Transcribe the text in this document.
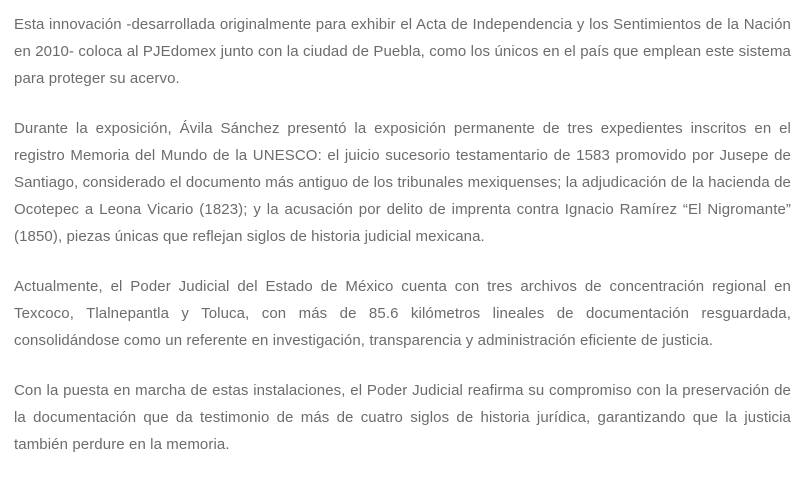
Esta innovación -desarrollada originalmente para exhibir el Acta de Independencia y los Sentimientos de la Nación en 2010- coloca al PJEdomex junto con la ciudad de Puebla, como los únicos en el país que emplean este sistema para proteger su acervo.

Durante la exposición, Ávila Sánchez presentó la exposición permanente de tres expedientes inscritos en el registro Memoria del Mundo de la UNESCO: el juicio sucesorio testamentario de 1583 promovido por Jusepe de Santiago, considerado el documento más antiguo de los tribunales mexiquenses; la adjudicación de la hacienda de Ocotepec a Leona Vicario (1823); y la acusación por delito de imprenta contra Ignacio Ramírez “El Nigromante” (1850), piezas únicas que reflejan siglos de historia judicial mexicana.

Actualmente, el Poder Judicial del Estado de México cuenta con tres archivos de concentración regional en Texcoco, Tlalnepantla y Toluca, con más de 85.6 kilómetros lineales de documentación resguardada, consolidándose como un referente en investigación, transparencia y administración eficiente de justicia.

Con la puesta en marcha de estas instalaciones, el Poder Judicial reafirma su compromiso con la preservación de la documentación que da testimonio de más de cuatro siglos de historia jurídica, garantizando que la justicia también perdure en la memoria.
